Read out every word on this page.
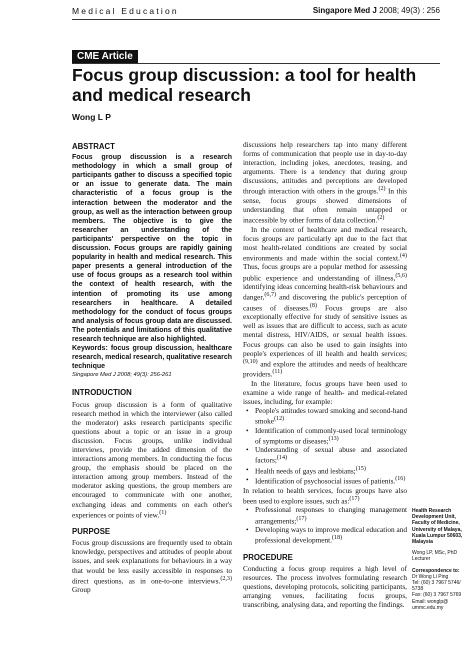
Medical Education	Singapore Med J 2008; 49(3) : 256
CME Article
Focus group discussion: a tool for health and medical research
Wong L P
ABSTRACT

Focus group discussion is a research methodology in which a small group of participants gather to discuss a specified topic or an issue to generate data. The main characteristic of a focus group is the interaction between the moderator and the group, as well as the interaction between group members. The objective is to give the researcher an understanding of the participants' perspective on the topic in discussion. Focus groups are rapidly gaining popularity in health and medical research. This paper presents a general introduction of the use of focus groups as a research tool within the context of health research, with the intention of promoting its use among researchers in healthcare. A detailed methodology for the conduct of focus groups and analysis of focus group data are discussed. The potentials and limitations of this qualitative research technique are also highlighted.

Keywords: focus group discussion, healthcare research, medical research, qualitative research technique

Singapore Med J 2008; 49(3): 256-261

INTRODUCTION

Focus group discussion is a form of qualitative research method in which the interviewer (also called the moderator) asks research participants specific questions about a topic or an issue in a group discussion. Focus groups, unlike individual interviews, provide the added dimension of the interactions among members. In conducting the focus group, the emphasis should be placed on the interaction among group members. Instead of the moderator asking questions, the group members are encouraged to communicate with one another, exchanging ideas and comments on each other's experiences or points of view.$^{(1)}$

PURPOSE

Focus group discussions are frequently used to obtain knowledge, perspectives and attitudes of people about issues, and seek explanations for behaviours in a way that would be less easily accessible in responses to direct questions, as in one-to-one interviews.$^{(2,3)}$ Group

discussions help researchers tap into many different forms of communication that people use in day-to-day interaction, including jokes, anecdotes, teasing, and arguments. There is a tendency that during group discussions, attitudes and perceptions are developed through interaction with others in the groups.$^{(2)}$ In this sense, focus groups showed dimensions of understanding that often remain untapped or inaccessible by other forms of data collection.$^{(2)}$

In the context of healthcare and medical research, focus groups are particularly apt due to the fact that most health-related conditions are created by social environments and made within the social context.$^{(4)}$ Thus, focus groups are a popular method for assessing public experience and understanding of illness,$^{(5,6)}$ identifying ideas concerning health-risk behaviours and danger,$^{(6,7)}$ and discovering the public's perception of causes of diseases.$^{(8)}$ Focus groups are also exceptionally effective for study of sensitive issues as well as issues that are difficult to access, such as acute mental distress, HIV/AIDS, or sexual health issues. Focus groups can also be used to gain insights into people's experiences of ill health and health services;$^{(9,10)}$ and explore the attitudes and needs of healthcare providers.$^{(11)}$

In the literature, focus groups have been used to examine a wide range of health- and medical-related issues, including, for example:

• People's attitudes toward smoking and second-hand smoke$^{(12)}$
• Identification of commonly-used local terminology of symptoms or diseases;$^{(13)}$
• Understanding of sexual abuse and associated factors;$^{(14)}$
• Health needs of gays and lesbians;$^{(15)}$
• Identification of psychosocial issues of patients.$^{(16)}$

In relation to health services, focus groups have also been used to explore issues, such as:$^{(17)}$

• Professional responses to changing management arrangements;$^{(17)}$
• Developing ways to improve medical education and professional development.$^{(18)}$
PROCEDURE

Conducting a focus group requires a high level of resources. The process involves formulating research questions, developing protocols, soliciting participants, arranging venues, facilitating focus groups, transcribing, analysing data, and reporting the findings.

Health Research Development Unit, Faculty of Medicine, University of Malaya, Kuala Lumpur 50603, Malaysia

Wong LP, MSc, PhD

Lecturer

Correspondence to:

Dr Wong Li Ping

Tel: (60) 3 7967 5746/ 5738

Fax: (60) 3 7967 5769

Email: wonglp@ ummc.edu.my
